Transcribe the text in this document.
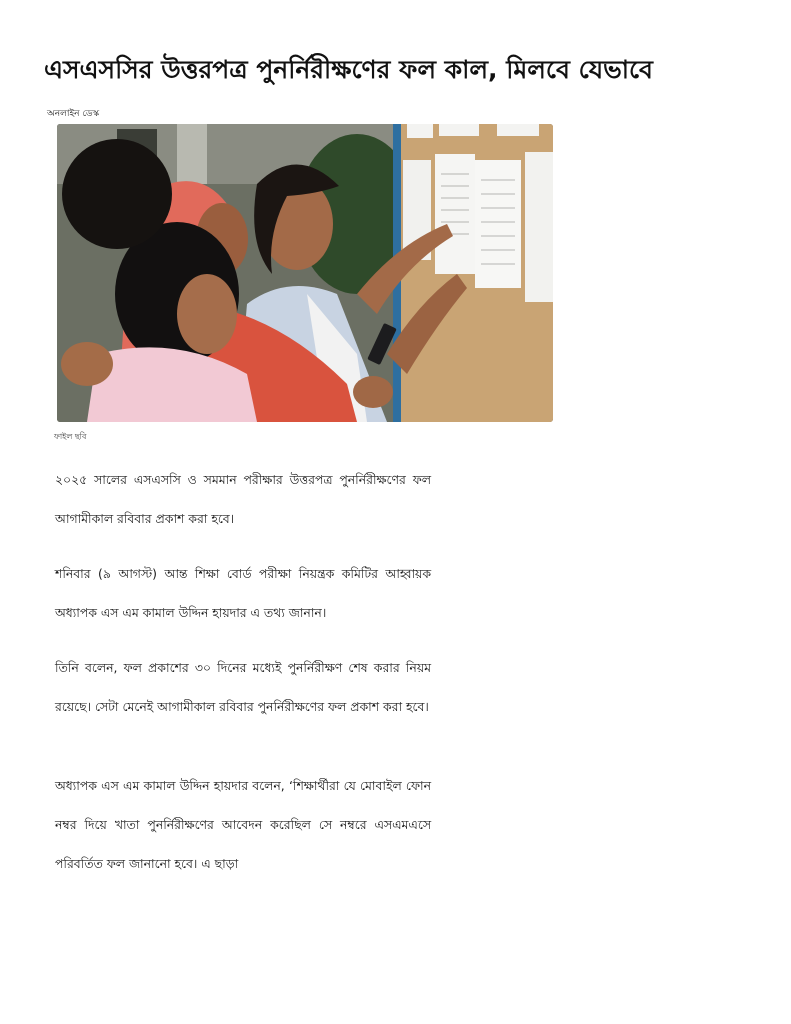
এসএসসির উত্তরপত্র পুনর্নিরীক্ষণের ফল কাল, মিলবে যেভাবে
অনলাইন ডেস্ক
ফাইল ছবি

২০২৫ সালের এসএসসি ও সমমান পরীক্ষার উত্তরপত্র পুনর্নিরীক্ষণের ফল আগামীকাল রবিবার প্রকাশ করা হবে।

শনিবার (৯ আগস্ট) আন্ত শিক্ষা বোর্ড পরীক্ষা নিয়ন্ত্রক কমিটির আহ্বায়ক অধ্যাপক এস এম কামাল উদ্দিন হায়দার এ তথ্য জানান।

তিনি বলেন, ফল প্রকাশের ৩০ দিনের মধ্যেই পুনর্নিরীক্ষণ শেষ করার নিয়ম রয়েছে। সেটা মেনেই আগামীকাল রবিবার পুনর্নিরীক্ষণের ফল প্রকাশ করা হবে।

অধ্যাপক এস এম কামাল উদ্দিন হায়দার বলেন, ‘শিক্ষার্থীরা যে মোবাইল ফোন নম্বর দিয়ে খাতা পুনর্নিরীক্ষণের আবেদন করেছিল সে নম্বরে এসএমএসে পরিবর্তিত ফল জানানো হবে। এ ছাড়া
